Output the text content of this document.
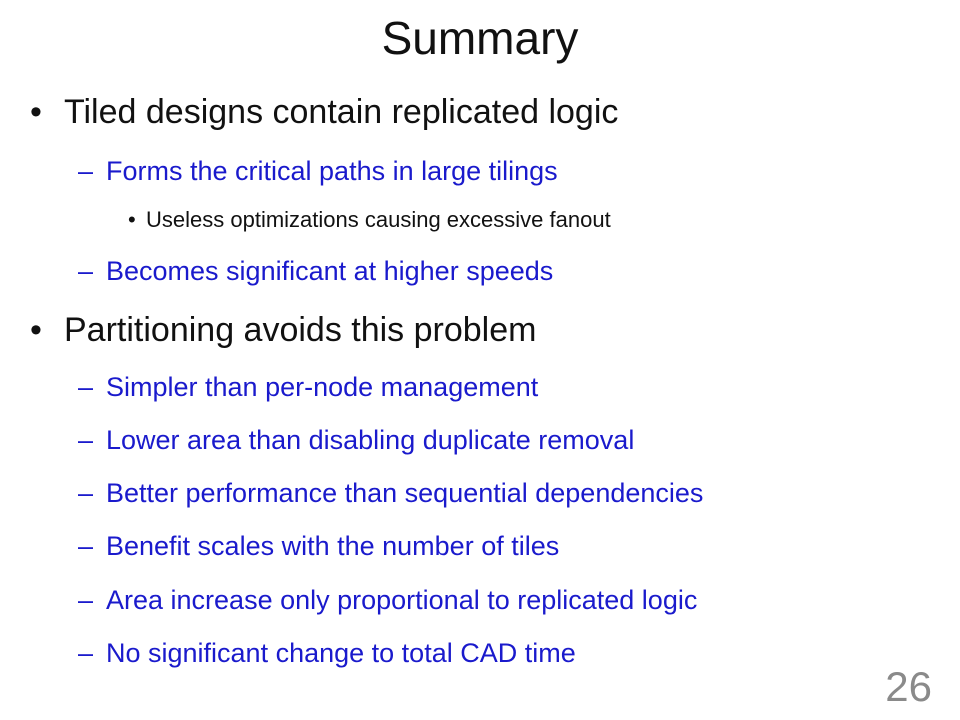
Summary
• Tiled designs contain replicated logic
– Forms the critical paths in large tilings
• Useless optimizations causing excessive fanout
– Becomes significant at higher speeds
• Partitioning avoids this problem
– Simpler than per-node management
– Lower area than disabling duplicate removal
– Better performance than sequential dependencies
– Benefit scales with the number of tiles
– Area increase only proportional to replicated logic
– No significant change to total CAD time
26
